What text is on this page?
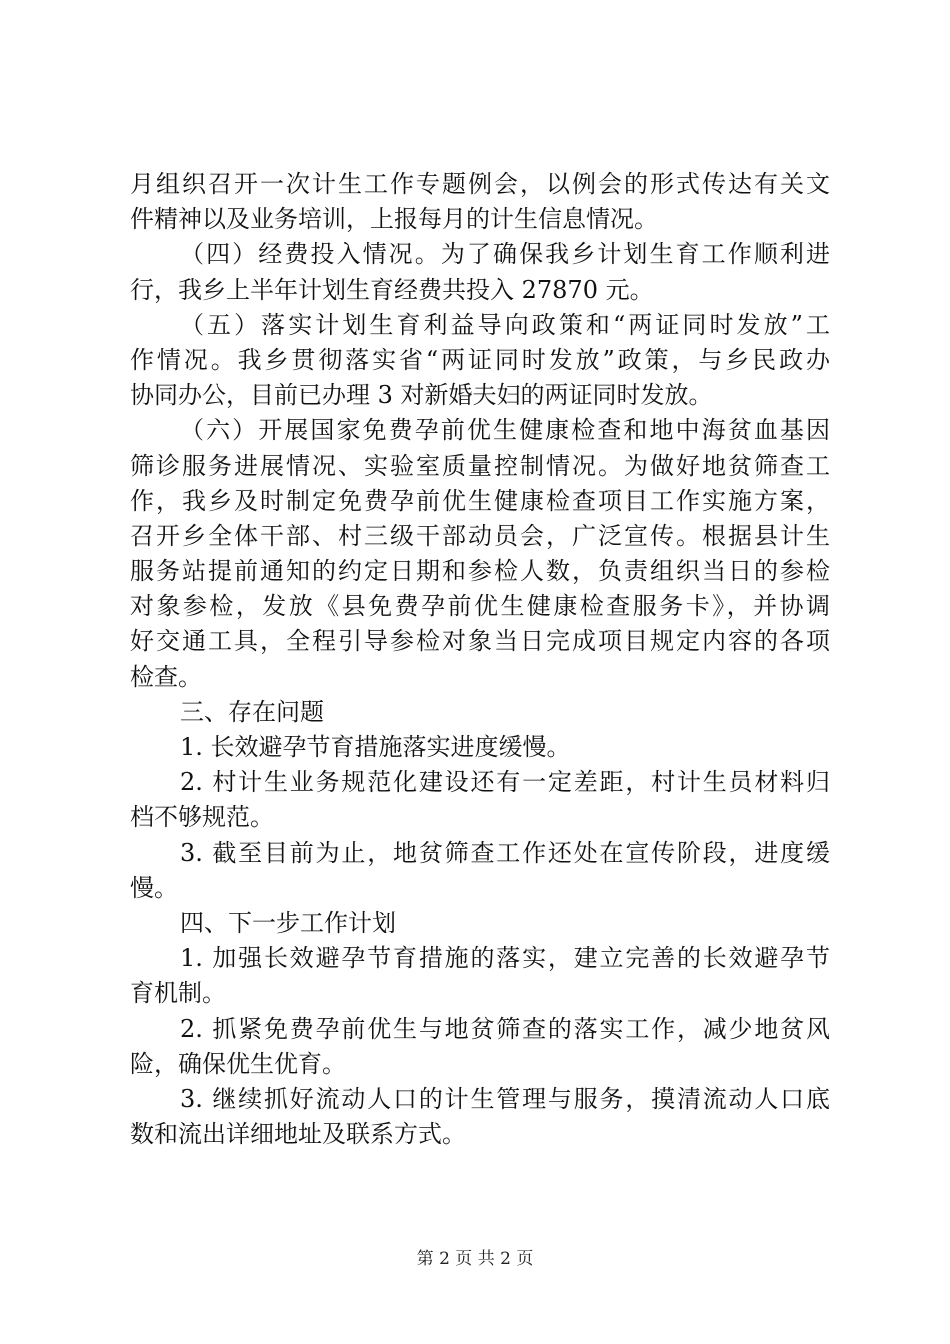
月组织召开一次计生工作专题例会，以例会的形式传达有关文
件精神以及业务培训，上报每月的计生信息情况。
（四）经费投入情况。为了确保我乡计划生育工作顺利进
行，我乡上半年计划生育经费共投入 27870 元。
（五）落实计划生育利益导向政策和“两证同时发放”工
作情况。我乡贯彻落实省“两证同时发放”政策，与乡民政办
协同办公，目前已办理 3 对新婚夫妇的两证同时发放。
（六）开展国家免费孕前优生健康检查和地中海贫血基因
筛诊服务进展情况、实验室质量控制情况。为做好地贫筛查工
作，我乡及时制定免费孕前优生健康检查项目工作实施方案，
召开乡全体干部、村三级干部动员会，广泛宣传。根据县计生
服务站提前通知的约定日期和参检人数，负责组织当日的参检
对象参检，发放《县免费孕前优生健康检查服务卡》，并协调
好交通工具，全程引导参检对象当日完成项目规定内容的各项
检查。
三、存在问题
1. 长效避孕节育措施落实进度缓慢。
2. 村计生业务规范化建设还有一定差距，村计生员材料归
档不够规范。
3. 截至目前为止，地贫筛查工作还处在宣传阶段，进度缓
慢。
四、下一步工作计划
1. 加强长效避孕节育措施的落实，建立完善的长效避孕节
育机制。
2. 抓紧免费孕前优生与地贫筛查的落实工作，减少地贫风
险，确保优生优育。
3. 继续抓好流动人口的计生管理与服务，摸清流动人口底
数和流出详细地址及联系方式。
第 2 页 共 2 页
